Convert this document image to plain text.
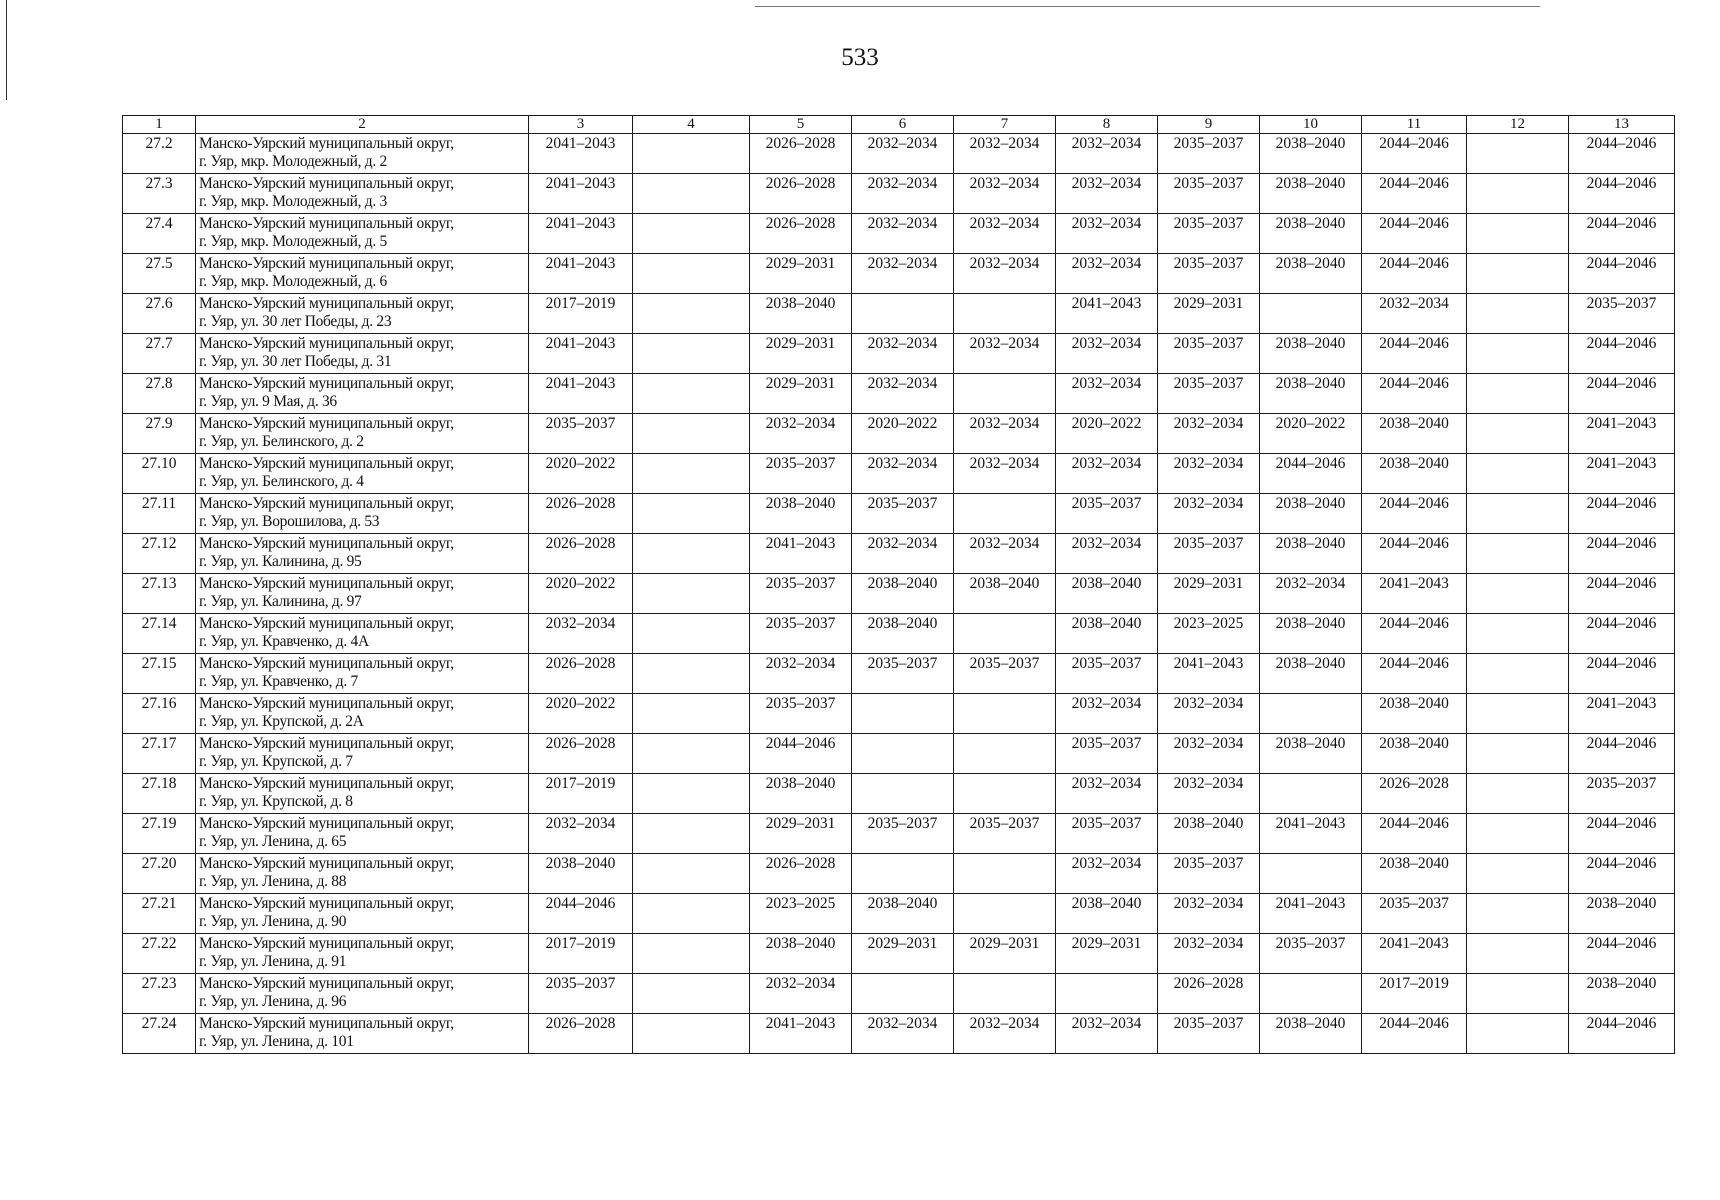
533
1	2	3	4	5	6	7	8	9	10	11	12	13
27.2	Манско-Уярский муниципальный округ,
г. Уяр, мкр. Молодежный, д. 2	2041–2043		2026–2028	2032–2034	2032–2034	2032–2034	2035–2037	2038–2040	2044–2046		2044–2046
27.3	Манско-Уярский муниципальный округ,
г. Уяр, мкр. Молодежный, д. 3	2041–2043		2026–2028	2032–2034	2032–2034	2032–2034	2035–2037	2038–2040	2044–2046		2044–2046
27.4	Манско-Уярский муниципальный округ,
г. Уяр, мкр. Молодежный, д. 5	2041–2043		2026–2028	2032–2034	2032–2034	2032–2034	2035–2037	2038–2040	2044–2046		2044–2046
27.5	Манско-Уярский муниципальный округ,
г. Уяр, мкр. Молодежный, д. 6	2041–2043		2029–2031	2032–2034	2032–2034	2032–2034	2035–2037	2038–2040	2044–2046		2044–2046
27.6	Манско-Уярский муниципальный округ,
г. Уяр, ул. 30 лет Победы, д. 23	2017–2019		2038–2040			2041–2043	2029–2031		2032–2034		2035–2037
27.7	Манско-Уярский муниципальный округ,
г. Уяр, ул. 30 лет Победы, д. 31	2041–2043		2029–2031	2032–2034	2032–2034	2032–2034	2035–2037	2038–2040	2044–2046		2044–2046
27.8	Манско-Уярский муниципальный округ,
г. Уяр, ул. 9 Мая, д. 36	2041–2043		2029–2031	2032–2034		2032–2034	2035–2037	2038–2040	2044–2046		2044–2046
27.9	Манско-Уярский муниципальный округ,
г. Уяр, ул. Белинского, д. 2	2035–2037		2032–2034	2020–2022	2032–2034	2020–2022	2032–2034	2020–2022	2038–2040		2041–2043
27.10	Манско-Уярский муниципальный округ,
г. Уяр, ул. Белинского, д. 4	2020–2022		2035–2037	2032–2034	2032–2034	2032–2034	2032–2034	2044–2046	2038–2040		2041–2043
27.11	Манско-Уярский муниципальный округ,
г. Уяр, ул. Ворошилова, д. 53	2026–2028		2038–2040	2035–2037		2035–2037	2032–2034	2038–2040	2044–2046		2044–2046
27.12	Манско-Уярский муниципальный округ,
г. Уяр, ул. Калинина, д. 95	2026–2028		2041–2043	2032–2034	2032–2034	2032–2034	2035–2037	2038–2040	2044–2046		2044–2046
27.13	Манско-Уярский муниципальный округ,
г. Уяр, ул. Калинина, д. 97	2020–2022		2035–2037	2038–2040	2038–2040	2038–2040	2029–2031	2032–2034	2041–2043		2044–2046
27.14	Манско-Уярский муниципальный округ,
г. Уяр, ул. Кравченко, д. 4А	2032–2034		2035–2037	2038–2040		2038–2040	2023–2025	2038–2040	2044–2046		2044–2046
27.15	Манско-Уярский муниципальный округ,
г. Уяр, ул. Кравченко, д. 7	2026–2028		2032–2034	2035–2037	2035–2037	2035–2037	2041–2043	2038–2040	2044–2046		2044–2046
27.16	Манско-Уярский муниципальный округ,
г. Уяр, ул. Крупской, д. 2А	2020–2022		2035–2037			2032–2034	2032–2034		2038–2040		2041–2043
27.17	Манско-Уярский муниципальный округ,
г. Уяр, ул. Крупской, д. 7	2026–2028		2044–2046			2035–2037	2032–2034	2038–2040	2038–2040		2044–2046
27.18	Манско-Уярский муниципальный округ,
г. Уяр, ул. Крупской, д. 8	2017–2019		2038–2040			2032–2034	2032–2034		2026–2028		2035–2037
27.19	Манско-Уярский муниципальный округ,
г. Уяр, ул. Ленина, д. 65	2032–2034		2029–2031	2035–2037	2035–2037	2035–2037	2038–2040	2041–2043	2044–2046		2044–2046
27.20	Манско-Уярский муниципальный округ,
г. Уяр, ул. Ленина, д. 88	2038–2040		2026–2028			2032–2034	2035–2037		2038–2040		2044–2046
27.21	Манско-Уярский муниципальный округ,
г. Уяр, ул. Ленина, д. 90	2044–2046		2023–2025	2038–2040		2038–2040	2032–2034	2041–2043	2035–2037		2038–2040
27.22	Манско-Уярский муниципальный округ,
г. Уяр, ул. Ленина, д. 91	2017–2019		2038–2040	2029–2031	2029–2031	2029–2031	2032–2034	2035–2037	2041–2043		2044–2046
27.23	Манско-Уярский муниципальный округ,
г. Уяр, ул. Ленина, д. 96	2035–2037		2032–2034				2026–2028		2017–2019		2038–2040
27.24	Манско-Уярский муниципальный округ,
г. Уяр, ул. Ленина, д. 101	2026–2028		2041–2043	2032–2034	2032–2034	2032–2034	2035–2037	2038–2040	2044–2046		2044–2046
